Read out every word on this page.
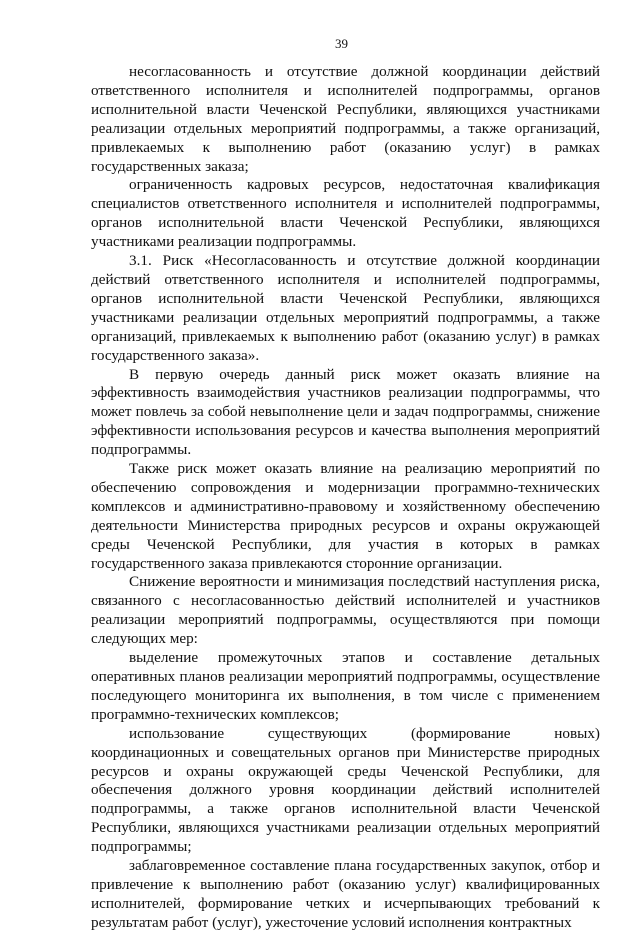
39

несогласованность и отсутствие должной координации действий ответственного исполнителя и исполнителей подпрограммы, органов исполнительной власти Чеченской Республики, являющихся участниками реализации отдельных мероприятий подпрограммы, а также организаций, привлекаемых к выполнению работ (оказанию услуг) в рамках государственных заказа;

ограниченность кадровых ресурсов, недостаточная квалификация специалистов ответственного исполнителя и исполнителей подпрограммы, органов исполнительной власти Чеченской Республики, являющихся участниками реализации подпрограммы.

3.1. Риск «Несогласованность и отсутствие должной координации действий ответственного исполнителя и исполнителей подпрограммы, органов исполнительной власти Чеченской Республики, являющихся участниками реализации отдельных мероприятий подпрограммы, а также организаций, привлекаемых к выполнению работ (оказанию услуг) в рамках государственного заказа».

В первую очередь данный риск может оказать влияние на эффективность взаимодействия участников реализации подпрограммы, что может повлечь за собой невыполнение цели и задач подпрограммы, снижение эффективности использования ресурсов и качества выполнения мероприятий подпрограммы.

Также риск может оказать влияние на реализацию мероприятий по обеспечению сопровождения и модернизации программно-технических комплексов и административно-правовому и хозяйственному обеспечению деятельности Министерства природных ресурсов и охраны окружающей среды Чеченской Республики, для участия в которых в рамках государственного заказа привлекаются сторонние организации.

Снижение вероятности и минимизация последствий наступления риска, связанного с несогласованностью действий исполнителей и участников реализации мероприятий подпрограммы, осуществляются при помощи следующих мер:

выделение промежуточных этапов и составление детальных оперативных планов реализации мероприятий подпрограммы, осуществление последующего мониторинга их выполнения, в том числе с применением программно-технических комплексов;

использование существующих (формирование новых) координационных и совещательных органов при Министерстве природных ресурсов и охраны окружающей среды Чеченской Республики, для обеспечения должного уровня координации действий исполнителей подпрограммы, а также органов исполнительной власти Чеченской Республики, являющихся участниками реализации отдельных мероприятий подпрограммы;

заблаговременное составление плана государственных закупок, отбор и привлечение к выполнению работ (оказанию услуг) квалифицированных исполнителей, формирование четких и исчерпывающих требований к результатам работ (услуг), ужесточение условий исполнения контрактных
